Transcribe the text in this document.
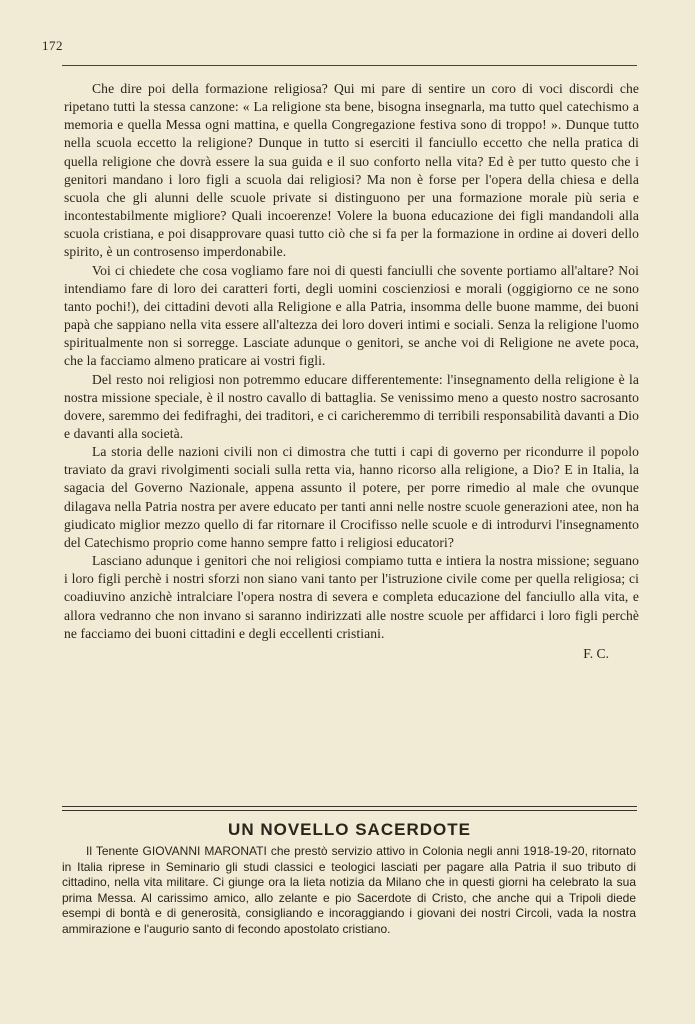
172

Che dire poi della formazione religiosa? Qui mi pare di sentire un coro di voci discordi che ripetano tutti la stessa canzone: « La religione sta bene, bisogna insegnarla, ma tutto quel catechismo a memoria e quella Messa ogni mattina, e quella Congregazione festiva sono di troppo! ». Dunque tutto nella scuola eccetto la religione? Dunque in tutto si eserciti il fanciullo eccetto che nella pratica di quella religione che dovrà essere la sua guida e il suo conforto nella vita? Ed è per tutto questo che i genitori mandano i loro figli a scuola dai religiosi? Ma non è forse per l'opera della chiesa e della scuola che gli alunni delle scuole private si distinguono per una formazione morale più seria e incontestabilmente migliore? Quali incoerenze! Volere la buona educazione dei figli mandandoli alla scuola cristiana, e poi disapprovare quasi tutto ciò che si fa per la formazione in ordine ai doveri dello spirito, è un controsenso imperdonabile.

Voi ci chiedete che cosa vogliamo fare noi di questi fanciulli che sovente portiamo all'altare? Noi intendiamo fare di loro dei caratteri forti, degli uomini coscienziosi e morali (oggigiorno ce ne sono tanto pochi!), dei cittadini devoti alla Religione e alla Patria, insomma delle buone mamme, dei buoni papà che sappiano nella vita essere all'altezza dei loro doveri intimi e sociali. Senza la religione l'uomo spiritualmente non si sorregge. Lasciate adunque o genitori, se anche voi di Religione ne avete poca, che la facciamo almeno praticare ai vostri figli.

Del resto noi religiosi non potremmo educare differentemente: l'insegnamento della religione è la nostra missione speciale, è il nostro cavallo di battaglia. Se venissimo meno a questo nostro sacrosanto dovere, saremmo dei fedifraghi, dei traditori, e ci caricheremmo di terribili responsabilità davanti a Dio e davanti alla società.

La storia delle nazioni civili non ci dimostra che tutti i capi di governo per ricondurre il popolo traviato da gravi rivolgimenti sociali sulla retta via, hanno ricorso alla religione, a Dio? E in Italia, la sagacia del Governo Nazionale, appena assunto il potere, per porre rimedio al male che ovunque dilagava nella Patria nostra per avere educato per tanti anni nelle nostre scuole generazioni atee, non ha giudicato miglior mezzo quello di far ritornare il Crocifisso nelle scuole e di introdurvi l'insegnamento del Catechismo proprio come hanno sempre fatto i religiosi educatori?

Lasciano adunque i genitori che noi religiosi compiamo tutta e intiera la nostra missione; seguano i loro figli perchè i nostri sforzi non siano vani tanto per l'istruzione civile come per quella religiosa; ci coadiuvino anzichè intralciare l'opera nostra di severa e completa educazione del fanciullo alla vita, e allora vedranno che non invano si saranno indirizzati alle nostre scuole per affidarci i loro figli perchè ne facciamo dei buoni cittadini e degli eccellenti cristiani.

F. C.
UN NOVELLO SACERDOTE

Il Tenente GIOVANNI MARONATI che prestò servizio attivo in Colonia negli anni 1918-19-20, ritornato in Italia riprese in Seminario gli studi classici e teologici lasciati per pagare alla Patria il suo tributo di cittadino, nella vita militare. Ci giunge ora la lieta notizia da Milano che in questi giorni ha celebrato la sua prima Messa. Al carissimo amico, allo zelante e pio Sacerdote di Cristo, che anche qui a Tripoli diede esempi di bontà e di generosità, consigliando e incoraggiando i giovani dei nostri Circoli, vada la nostra ammirazione e l'augurio santo di fecondo apostolato cristiano.
